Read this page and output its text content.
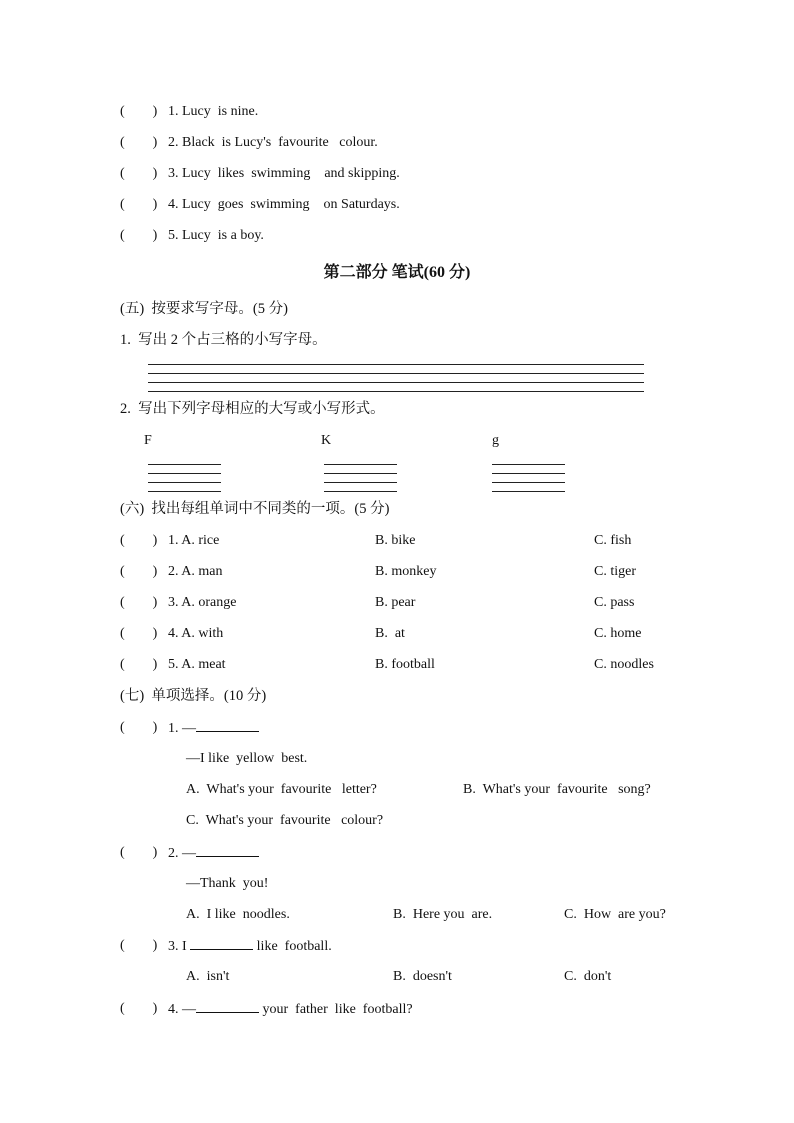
(        ) 1. Lucy  is nine.
(        ) 2. Black  is Lucy's  favourite   colour.
(        ) 3. Lucy  likes  swimming    and skipping.
(        ) 4. Lucy  goes  swimming    on Saturdays.
(        ) 5. Lucy  is a boy.
第二部分 笔试(60 分)
(五)  按要求写字母。(5 分)
1.  写出 2 个占三格的小写字母。
2.  写出下列字母相应的大写或小写形式。
F	K	g
(六)  找出每组单词中不同类的一项。(5 分)
(        ) 1. A. rice	B. bike	C. fish
(        ) 2. A. man	B. monkey	C. tiger
(        ) 3. A. orange	B. pear	C. pass
(        ) 4. A. with	B.  at	C. home
(        ) 5. A. meat	B. football	C. noodles
(七)  单项选择。(10 分)
(        ) 1. —
—I like  yellow  best.
A.  What's your  favourite   letter?	B.  What's your  favourite   song?
C.  What's your  favourite   colour?
(        ) 2. —
—Thank  you!
A.  I like  noodles.	B.  Here you  are.	C.  How  are you?
(        ) 3. I	like  football.
A.  isn't	B.  doesn't	C.  don't
(        ) 4. —	your  father  like  football?
